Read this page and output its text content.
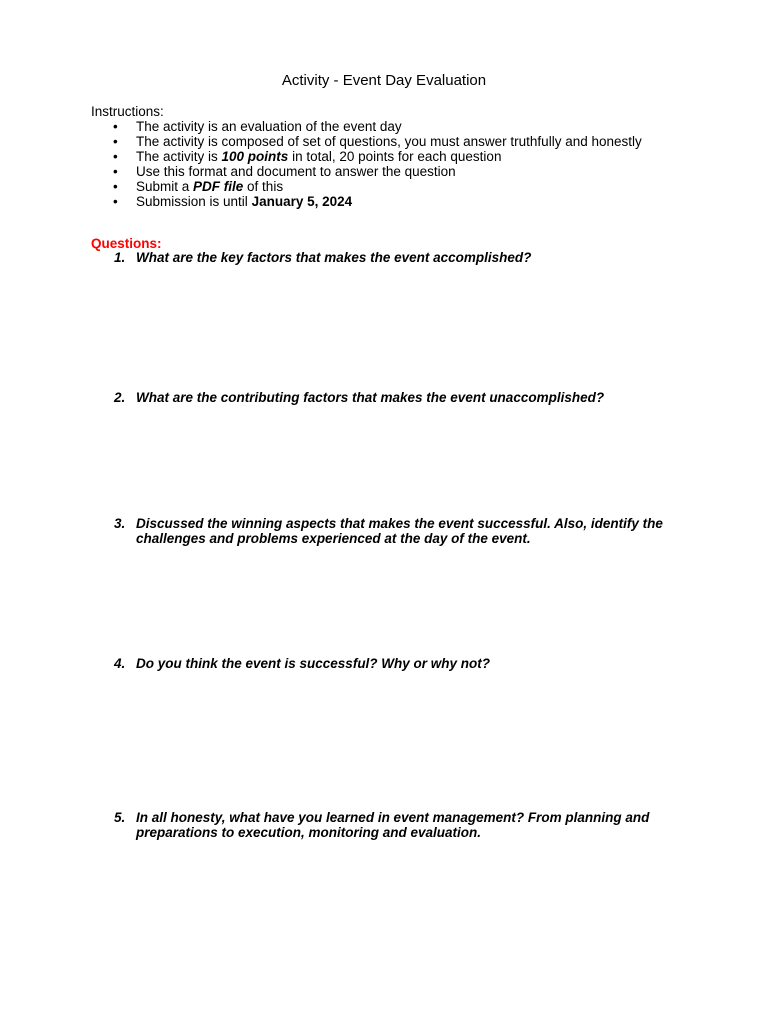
Activity - Event Day Evaluation
Instructions:
• The activity is an evaluation of the event day
• The activity is composed of set of questions, you must answer truthfully and honestly
• The activity is 100 points in total, 20 points for each question
• Use this format and document to answer the question
• Submit a PDF file of this
• Submission is until January 5, 2024
Questions:
1. What are the key factors that makes the event accomplished?
2. What are the contributing factors that makes the event unaccomplished?
3. Discussed the winning aspects that makes the event successful. Also, identify the challenges and problems experienced at the day of the event.
4. Do you think the event is successful? Why or why not?
5. In all honesty, what have you learned in event management? From planning and preparations to execution, monitoring and evaluation.
